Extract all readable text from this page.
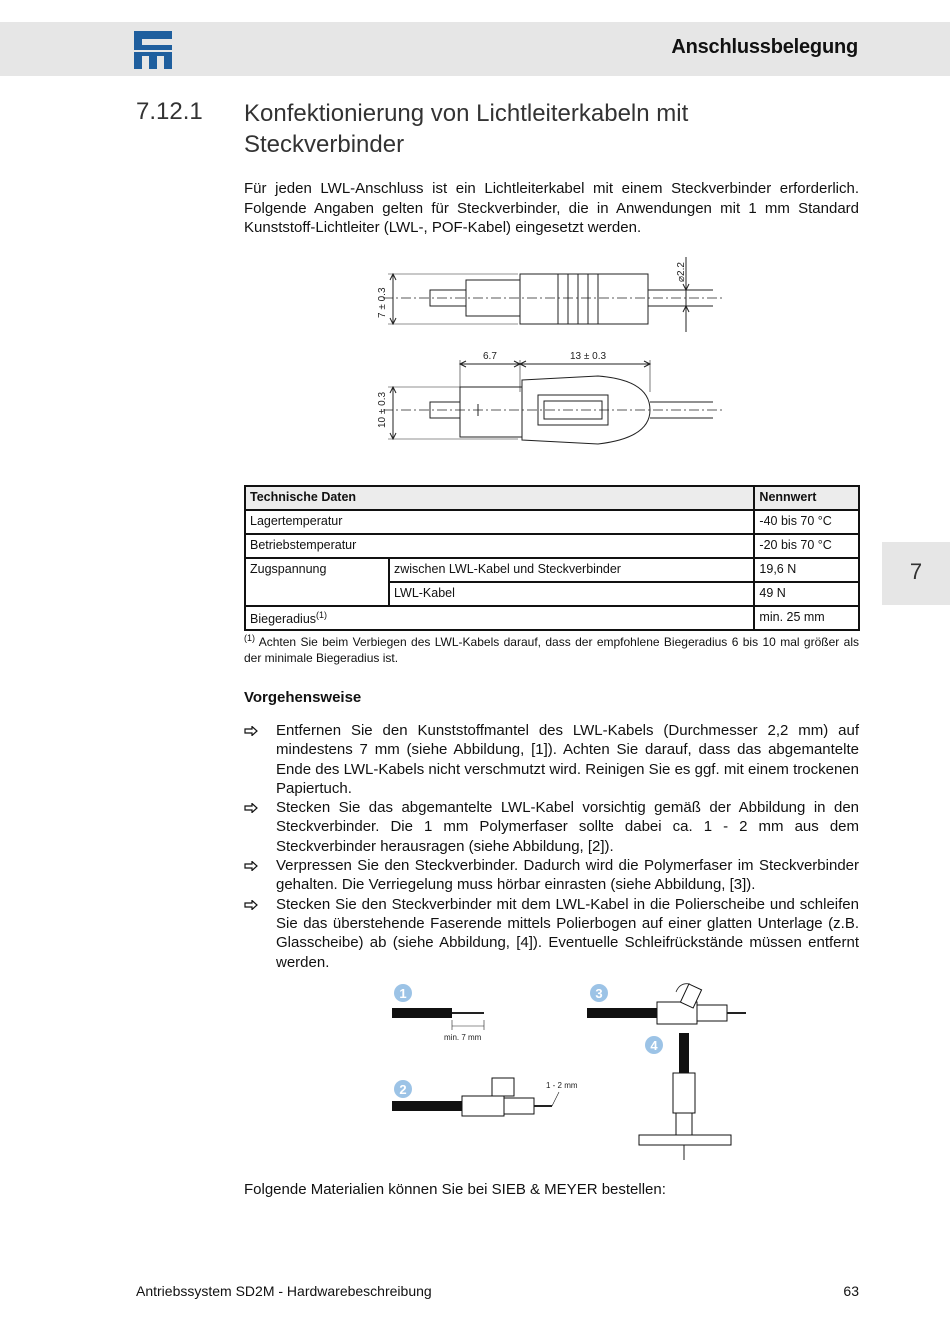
Anschlussbelegung
7.12.1 Konfektionierung von Lichtleiterkabeln mit Steckverbinder
Für jeden LWL-Anschluss ist ein Lichtleiterkabel mit einem Steckverbinder erforderlich. Folgende Angaben gelten für Steckverbinder, die in Anwendungen mit 1 mm Standard Kunststoff-Lichtleiter (LWL-, POF-Kabel) eingesetzt werden.
7 ± 0.3
⌀2.2
6.7	13 ± 0.3
10 ± 0.3
Technische Daten		Nennwert
Lagertemperatur		-40 bis 70 °C
Betriebstemperatur		-20 bis 70 °C
Zugspannung	zwischen LWL-Kabel und Steckverbinder	19,6 N
	LWL-Kabel	49 N
Biegeradius$^{(1)}$		min. 25 mm
$^{(1)}$ Achten Sie beim Verbiegen des LWL-Kabels darauf, dass der empfohlene Biegeradius 6 bis 10 mal größer als der minimale Biegeradius ist.
Vorgehensweise
Entfernen Sie den Kunststoffmantel des LWL-Kabels (Durchmesser 2,2 mm) auf mindestens 7 mm (siehe Abbildung, [1]). Achten Sie darauf, dass das abgemantelte Ende des LWL-Kabels nicht verschmutzt wird. Reinigen Sie es ggf. mit einem trockenen Papiertuch.
Stecken Sie das abgemantelte LWL-Kabel vorsichtig gemäß der Abbildung in den Steckverbinder. Die 1 mm Polymerfaser sollte dabei ca. 1 - 2 mm aus dem Steckverbinder herausragen (siehe Abbildung, [2]).
Verpressen Sie den Steckverbinder. Dadurch wird die Polymerfaser im Steckverbinder gehalten. Die Verriegelung muss hörbar einrasten (siehe Abbildung, [3]).
Stecken Sie den Steckverbinder mit dem LWL-Kabel in die Polierscheibe und schleifen Sie das überstehende Faserende mittels Polierbogen auf einer glatten Unterlage (z.B. Glasscheibe) ab (siehe Abbildung, [4]). Eventuelle Schleifrückstände müssen entfernt werden.
1
min. 7 mm
2	1 - 2 mm
3
4
Folgende Materialien können Sie bei SIEB & MEYER bestellen:
7
Antriebssystem SD2M - Hardwarebeschreibung	63
